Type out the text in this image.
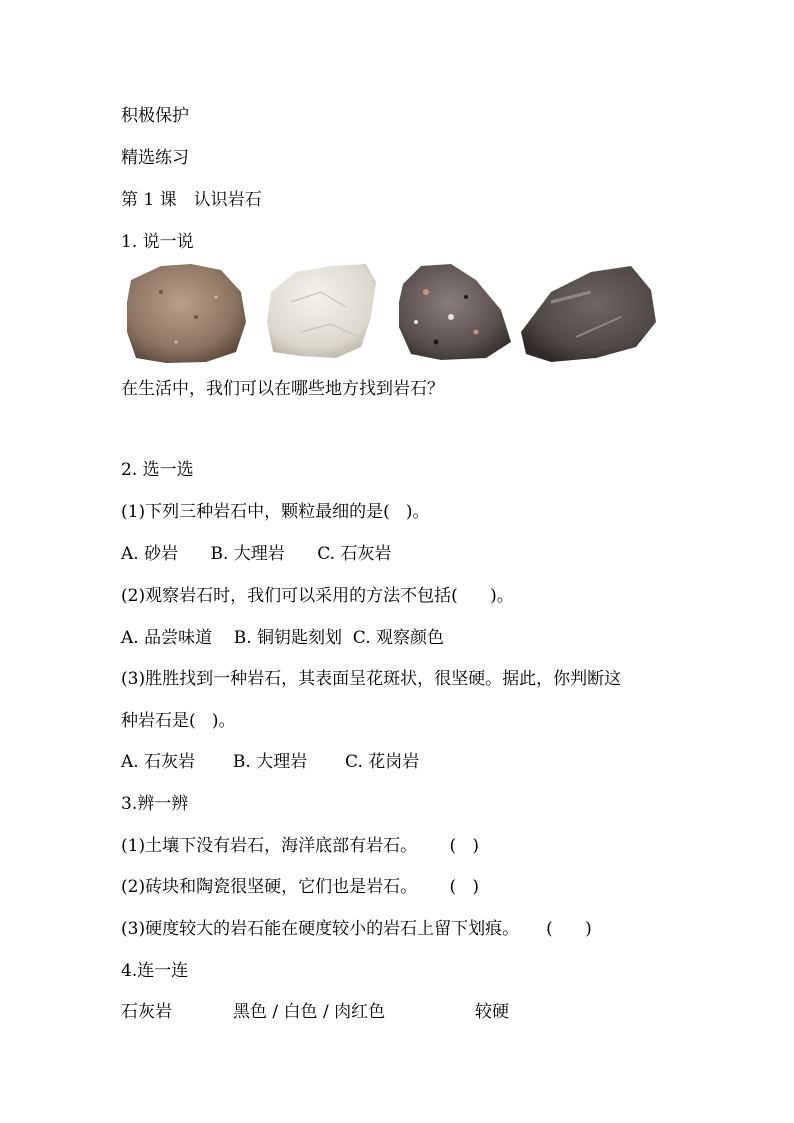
积极保护
精选练习
第 1 课　认识岩石
1. 说一说
在生活中，我们可以在哪些地方找到岩石？
2. 选一选
(1)下列三种岩石中，颗粒最细的是(   )。
A. 砂岩      B. 大理岩      C. 石灰岩
(2)观察岩石时，我们可以采用的方法不包括(      )。
A. 品尝味道    B. 铜钥匙刻划  C. 观察颜色
(3)胜胜找到一种岩石，其表面呈花斑状，很坚硬。据此，你判断这
种岩石是(   )。
A. 石灰岩       B. 大理岩       C. 花岗岩
3.辨一辨
(1)土壤下没有岩石，海洋底部有岩石。      (   )
(2)砖块和陶瓷很坚硬，它们也是岩石。      (   )
(3)硬度较大的岩石能在硬度较小的岩石上留下划痕。     (      )
4.连一连
石灰岩	黑色 / 白色 / 肉红色	较硬
